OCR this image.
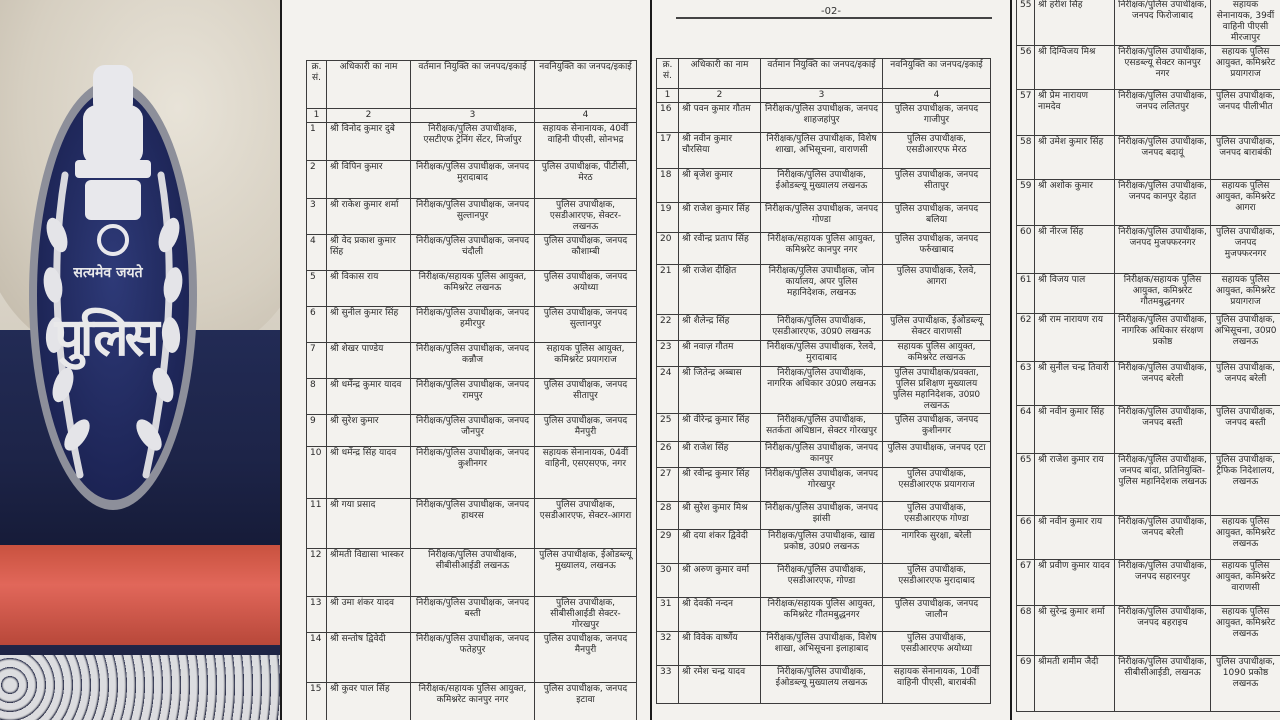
सत्यमेव जयते
पुलिस
क्र. सं.	अधिकारी का नाम	वर्तमान नियुक्ति का जनपद/इकाई	नवनियुक्ति का जनपद/इकाई
1	2	3	4
1	श्री विनोद कुमार दुबे	निरीक्षक/पुलिस उपाधीक्षक, एसटीएफ ट्रेनिंग सेंटर, मिर्जापुर	सहायक सेनानायक, 40वीं वाहिनी पीएसी, सोनभद्र
2	श्री विपिन कुमार	निरीक्षक/पुलिस उपाधीक्षक, जनपद मुरादाबाद	पुलिस उपाधीक्षक, पीटीसी, मेरठ
3	श्री राकेश कुमार शर्मा	निरीक्षक/पुलिस उपाधीक्षक, जनपद सुल्तानपुर	पुलिस उपाधीक्षक, एसडीआरएफ, सेक्टर-लखनऊ
4	श्री वेद प्रकाश कुमार सिंह	निरीक्षक/पुलिस उपाधीक्षक, जनपद चंदौली	पुलिस उपाधीक्षक, जनपद कौशाम्बी
5	श्री विकास राय	निरीक्षक/सहायक पुलिस आयुक्त, कमिश्नरेट लखनऊ	पुलिस उपाधीक्षक, जनपद अयोध्या
6	श्री सुनील कुमार सिंह	निरीक्षक/पुलिस उपाधीक्षक, जनपद हमीरपुर	पुलिस उपाधीक्षक, जनपद सुल्तानपुर
7	श्री शेखर पाण्डेय	निरीक्षक/पुलिस उपाधीक्षक, जनपद कन्नौज	सहायक पुलिस आयुक्त, कमिश्नरेट प्रयागराज
8	श्री धर्मेन्द्र कुमार यादव	निरीक्षक/पुलिस उपाधीक्षक, जनपद रामपुर	पुलिस उपाधीक्षक, जनपद सीतापुर
9	श्री सुरेश कुमार	निरीक्षक/पुलिस उपाधीक्षक, जनपद जौनपुर	पुलिस उपाधीक्षक, जनपद मैनपुरी
10	श्री धर्मेन्द्र सिंह यादव	निरीक्षक/पुलिस उपाधीक्षक, जनपद कुशीनगर	सहायक सेनानायक, 04वीं वाहिनी, एसएसएफ, नगर
11	श्री गया प्रसाद	निरीक्षक/पुलिस उपाधीक्षक, जनपद हाथरस	पुलिस उपाधीक्षक, एसडीआरएफ, सेक्टर-आगरा
12	श्रीमती विद्यासा भास्कर	निरीक्षक/पुलिस उपाधीक्षक, सीबीसीआईडी लखनऊ	पुलिस उपाधीक्षक, ईओडब्ल्यू मुख्यालय, लखनऊ
13	श्री उमा शंकर यादव	निरीक्षक/पुलिस उपाधीक्षक, जनपद बस्ती	पुलिस उपाधीक्षक, सीबीसीआईडी सेक्टर-गोरखपुर
14	श्री सन्तोष द्विवेदी	निरीक्षक/पुलिस उपाधीक्षक, जनपद फतेहपुर	पुलिस उपाधीक्षक, जनपद मैनपुरी
15	श्री कुवर पाल सिंह	निरीक्षक/सहायक पुलिस आयुक्त, कमिश्नरेट कानपुर नगर	पुलिस उपाधीक्षक, जनपद इटावा
-02-
क्र. सं.	अधिकारी का नाम	वर्तमान नियुक्ति का जनपद/इकाई	नवनियुक्ति का जनपद/इकाई
1	2	3	4
16	श्री पवन कुमार गौतम	निरीक्षक/पुलिस उपाधीक्षक, जनपद शाहजहांपुर	पुलिस उपाधीक्षक, जनपद गाजीपुर
17	श्री नवीन कुमार चौरसिया	निरीक्षक/पुलिस उपाधीक्षक, विशेष शाखा, अभिसूचना, वाराणसी	पुलिस उपाधीक्षक, एसडीआरएफ मेरठ
18	श्री बृजेश कुमार	निरीक्षक/पुलिस उपाधीक्षक, ईओडब्ल्यू मुख्यालय लखनऊ	पुलिस उपाधीक्षक, जनपद सीतापुर
19	श्री राजेश कुमार सिंह	निरीक्षक/पुलिस उपाधीक्षक, जनपद गोण्डा	पुलिस उपाधीक्षक, जनपद बलिया
20	श्री रवीन्द्र प्रताप सिंह	निरीक्षक/सहायक पुलिस आयुक्त, कमिश्नरेट कानपुर नगर	पुलिस उपाधीक्षक, जनपद फर्रुखाबाद
21	श्री राजेश दीक्षित	निरीक्षक/पुलिस उपाधीक्षक, जोन कार्यालय, अपर पुलिस महानिदेशक, लखनऊ	पुलिस उपाधीक्षक, रेलवे, आगरा
22	श्री शैलेन्द्र सिंह	निरीक्षक/पुलिस उपाधीक्षक, एसडीआरएफ, उ0प्र0 लखनऊ	पुलिस उपाधीक्षक, ईओडब्ल्यू सेक्टर वाराणसी
23	श्री नवाज़ गौतम	निरीक्षक/पुलिस उपाधीक्षक, रेलवे, मुरादाबाद	सहायक पुलिस आयुक्त, कमिश्नरेट लखनऊ
24	श्री जितेन्द्र अब्बास	निरीक्षक/पुलिस उपाधीक्षक, नागरिक अधिकार उ0प्र0 लखनऊ	पुलिस उपाधीक्षक/प्रवक्ता, पुलिस प्रशिक्षण मुख्यालय पुलिस महानिदेशक, उ0प्र0 लखनऊ
25	श्री वीरेन्द्र कुमार सिंह	निरीक्षक/पुलिस उपाधीक्षक, सतर्कता अधिष्ठान, सेक्टर गोरखपुर	पुलिस उपाधीक्षक, जनपद कुशीनगर
26	श्री राजेश सिंह	निरीक्षक/पुलिस उपाधीक्षक, जनपद कानपुर	पुलिस उपाधीक्षक, जनपद एटा
27	श्री रवीन्द्र कुमार सिंह	निरीक्षक/पुलिस उपाधीक्षक, जनपद गोरखपुर	पुलिस उपाधीक्षक, एसडीआरएफ प्रयागराज
28	श्री सुरेश कुमार मिश्र	निरीक्षक/पुलिस उपाधीक्षक, जनपद झांसी	पुलिस उपाधीक्षक, एसडीआरएफ गोण्डा
29	श्री दया शंकर द्विवेदी	निरीक्षक/पुलिस उपाधीक्षक, खाद्य प्रकोष्ठ, उ0प्र0 लखनऊ	नागरिक सुरक्षा, बरेली
30	श्री अरुण कुमार वर्मा	निरीक्षक/पुलिस उपाधीक्षक, एसडीआरएफ, गोण्डा	पुलिस उपाधीक्षक, एसडीआरएफ मुरादाबाद
31	श्री देवकी नन्दन	निरीक्षक/सहायक पुलिस आयुक्त, कमिश्नरेट गौतमबुद्धनगर	पुलिस उपाधीक्षक, जनपद जालौन
32	श्री विवेक वार्ष्णेय	निरीक्षक/पुलिस उपाधीक्षक, विशेष शाखा, अभिसूचना इलाहाबाद	पुलिस उपाधीक्षक, एसडीआरएफ अयोध्या
33	श्री रमेश चन्द्र यादव	निरीक्षक/पुलिस उपाधीक्षक, ईओडब्ल्यू मुख्यालय लखनऊ	सहायक सेनानायक, 10वीं वाहिनी पीएसी, बाराबंकी
55	श्री हरीश सिंह	निरीक्षक/पुलिस उपाधीक्षक, जनपद फिरोजाबाद	सहायक सेनानायक, 39वीं वाहिनी पीएसी मीरजापुर
56	श्री दिग्विजय मिश्र	निरीक्षक/पुलिस उपाधीक्षक, एसडब्ल्यू सेक्टर कानपुर नगर	सहायक पुलिस आयुक्त, कमिश्नरेट प्रयागराज
57	श्री प्रेम नारायण नामदेव	निरीक्षक/पुलिस उपाधीक्षक, जनपद ललितपुर	पुलिस उपाधीक्षक, जनपद पीलीभीत
58	श्री उमेश कुमार सिंह	निरीक्षक/पुलिस उपाधीक्षक, जनपद बदायूं	पुलिस उपाधीक्षक, जनपद बाराबंकी
59	श्री अशोक कुमार	निरीक्षक/पुलिस उपाधीक्षक, जनपद कानपुर देहात	सहायक पुलिस आयुक्त, कमिश्नरेट आगरा
60	श्री नीरज सिंह	निरीक्षक/पुलिस उपाधीक्षक, जनपद मुजफ्फरनगर	पुलिस उपाधीक्षक, जनपद मुजफ्फरनगर
61	श्री विजय पाल	निरीक्षक/सहायक पुलिस आयुक्त, कमिश्नरेट गौतमबुद्धनगर	सहायक पुलिस आयुक्त, कमिश्नरेट प्रयागराज
62	श्री राम नारायण राय	निरीक्षक/पुलिस उपाधीक्षक, नागरिक अधिकार संरक्षण प्रकोष्ठ	पुलिस उपाधीक्षक, अभिसूचना, उ0प्र0 लखनऊ
63	श्री सुनील चन्द्र तिवारी	निरीक्षक/पुलिस उपाधीक्षक, जनपद बरेली	पुलिस उपाधीक्षक, जनपद बरेली
64	श्री नवीन कुमार सिंह	निरीक्षक/पुलिस उपाधीक्षक, जनपद बस्ती	पुलिस उपाधीक्षक, जनपद बस्ती
65	श्री राजेश कुमार राय	निरीक्षक/पुलिस उपाधीक्षक, जनपद बांदा, प्रतिनियुक्ति-पुलिस महानिदेशक लखनऊ	पुलिस उपाधीक्षक, ट्रैफिक निदेशालय, लखनऊ
66	श्री नवीन कुमार राय	निरीक्षक/पुलिस उपाधीक्षक, जनपद बरेली	सहायक पुलिस आयुक्त, कमिश्नरेट लखनऊ
67	श्री प्रवीण कुमार यादव	निरीक्षक/पुलिस उपाधीक्षक, जनपद सहारनपुर	सहायक पुलिस आयुक्त, कमिश्नरेट वाराणसी
68	श्री सुरेन्द्र कुमार शर्मा	निरीक्षक/पुलिस उपाधीक्षक, जनपद बहराइच	सहायक पुलिस आयुक्त, कमिश्नरेट लखनऊ
69	श्रीमती शमीम जैदी	निरीक्षक/पुलिस उपाधीक्षक, सीबीसीआईडी, लखनऊ	पुलिस उपाधीक्षक, 1090 प्रकोष्ठ लखनऊ
